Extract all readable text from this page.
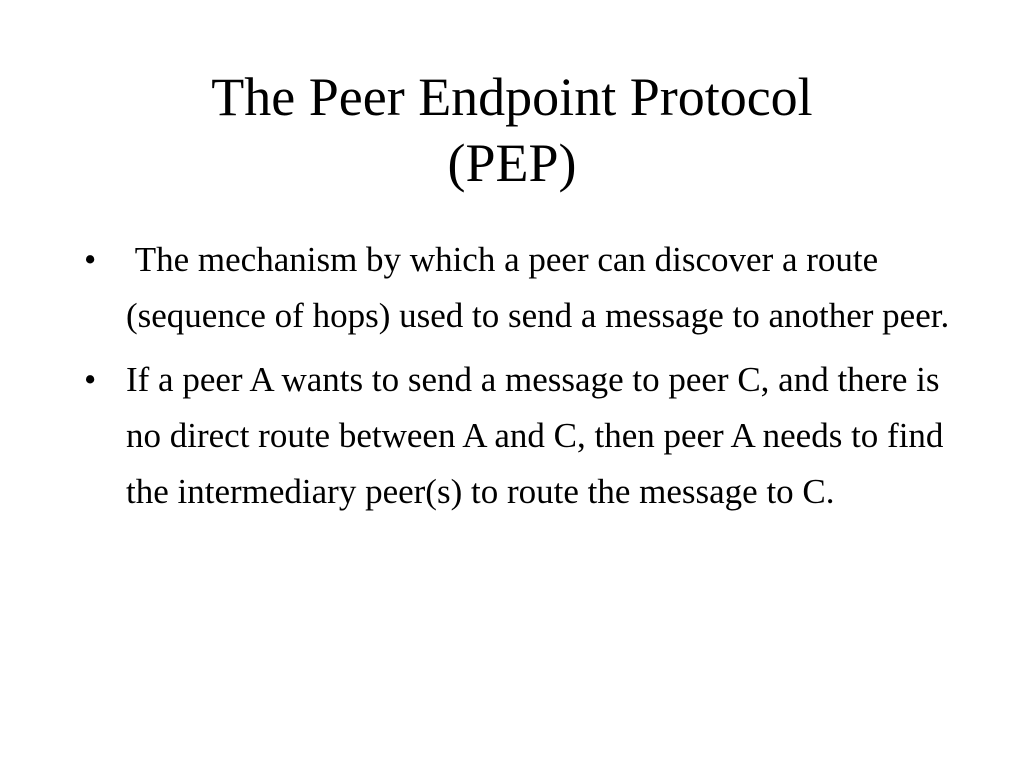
The Peer Endpoint Protocol
(PEP)
• The mechanism by which a peer can discover a route (sequence of hops) used to send a message to another peer.
• If a peer A wants to send a message to peer C, and there is no direct route between A and C, then peer A needs to find the intermediary peer(s) to route the message to C.
